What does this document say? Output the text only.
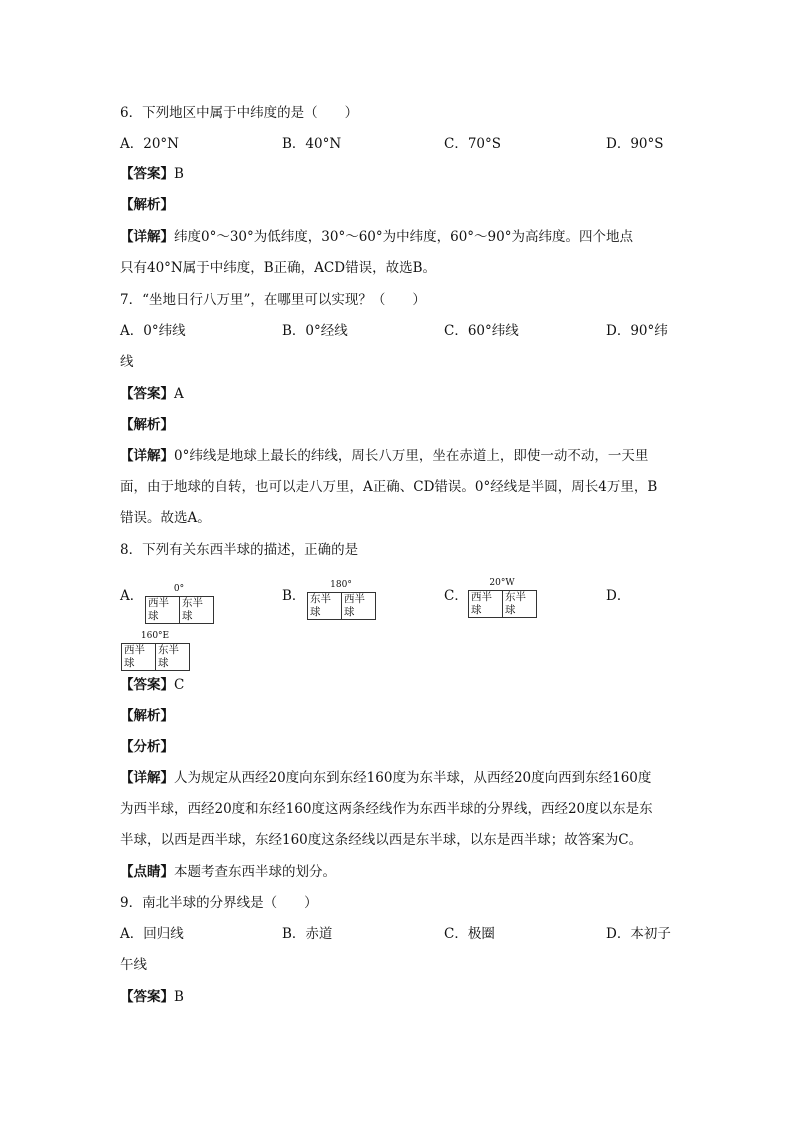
6．下列地区中属于中纬度的是（　　）
A．20°N	B．40°N	C．70°S	D．90°S
【答案】B
【解析】
【详解】纬度0°～30°为低纬度，30°～60°为中纬度，60°～90°为高纬度。四个地点
只有40°N属于中纬度，B正确，ACD错误，故选B。
7．“坐地日行八万里”，在哪里可以实现？（　　）
A．0°纬线	B．0°经线	C．60°纬线	D．90°纬
线
【答案】A
【解析】
【详解】0°纬线是地球上最长的纬线，周长八万里，坐在赤道上，即使一动不动，一天里
面，由于地球的自转，也可以走八万里，A正确、CD错误。0°经线是半圆，周长4万里，B
错误。故选A。
8．下列有关东西半球的描述，正确的是
A．	0°
西半球
东半球
B．
180°
东半球
西半球
C．
20°W
西半球
东半球
D．
160°E
西半球
东半球
【答案】C
【解析】
【分析】
【详解】人为规定从西经20度向东到东经160度为东半球，从西经20度向西到东经160度
为西半球，西经20度和东经160度这两条经线作为东西半球的分界线，西经20度以东是东
半球，以西是西半球，东经160度这条经线以西是东半球，以东是西半球；故答案为C。
【点睛】本题考查东西半球的划分。
9．南北半球的分界线是（　　）
A．回归线	B．赤道	C．极圈	D．本初子
午线
【答案】B
